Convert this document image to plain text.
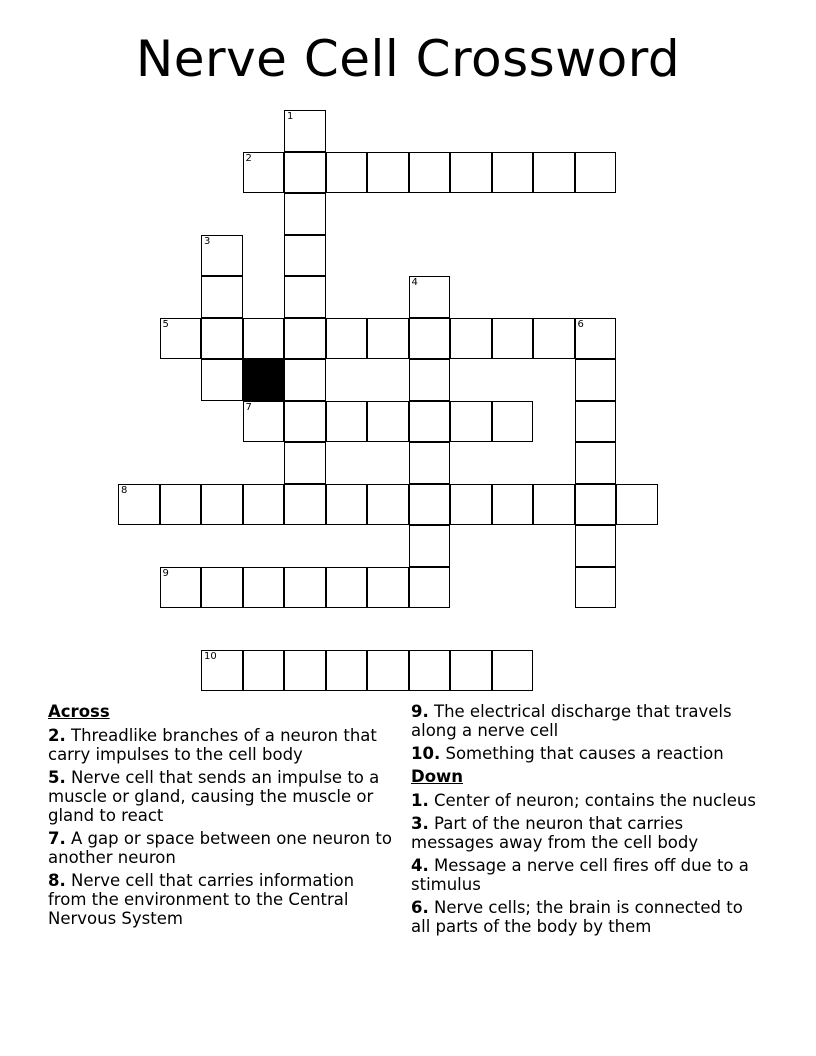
Nerve Cell Crossword
1
2
3
4
5	6
7
8
9
10
Across
2. Threadlike branches of a neuron that carry impulses to the cell body
5. Nerve cell that sends an impulse to a muscle or gland, causing the muscle or gland to react
7. A gap or space between one neuron to another neuron
8. Nerve cell that carries information from the environment to the Central Nervous System
9. The electrical discharge that travels along a nerve cell
10. Something that causes a reaction
Down
1. Center of neuron; contains the nucleus
3. Part of the neuron that carries messages away from the cell body
4. Message a nerve cell fires off due to a stimulus
6. Nerve cells; the brain is connected to all parts of the body by them
